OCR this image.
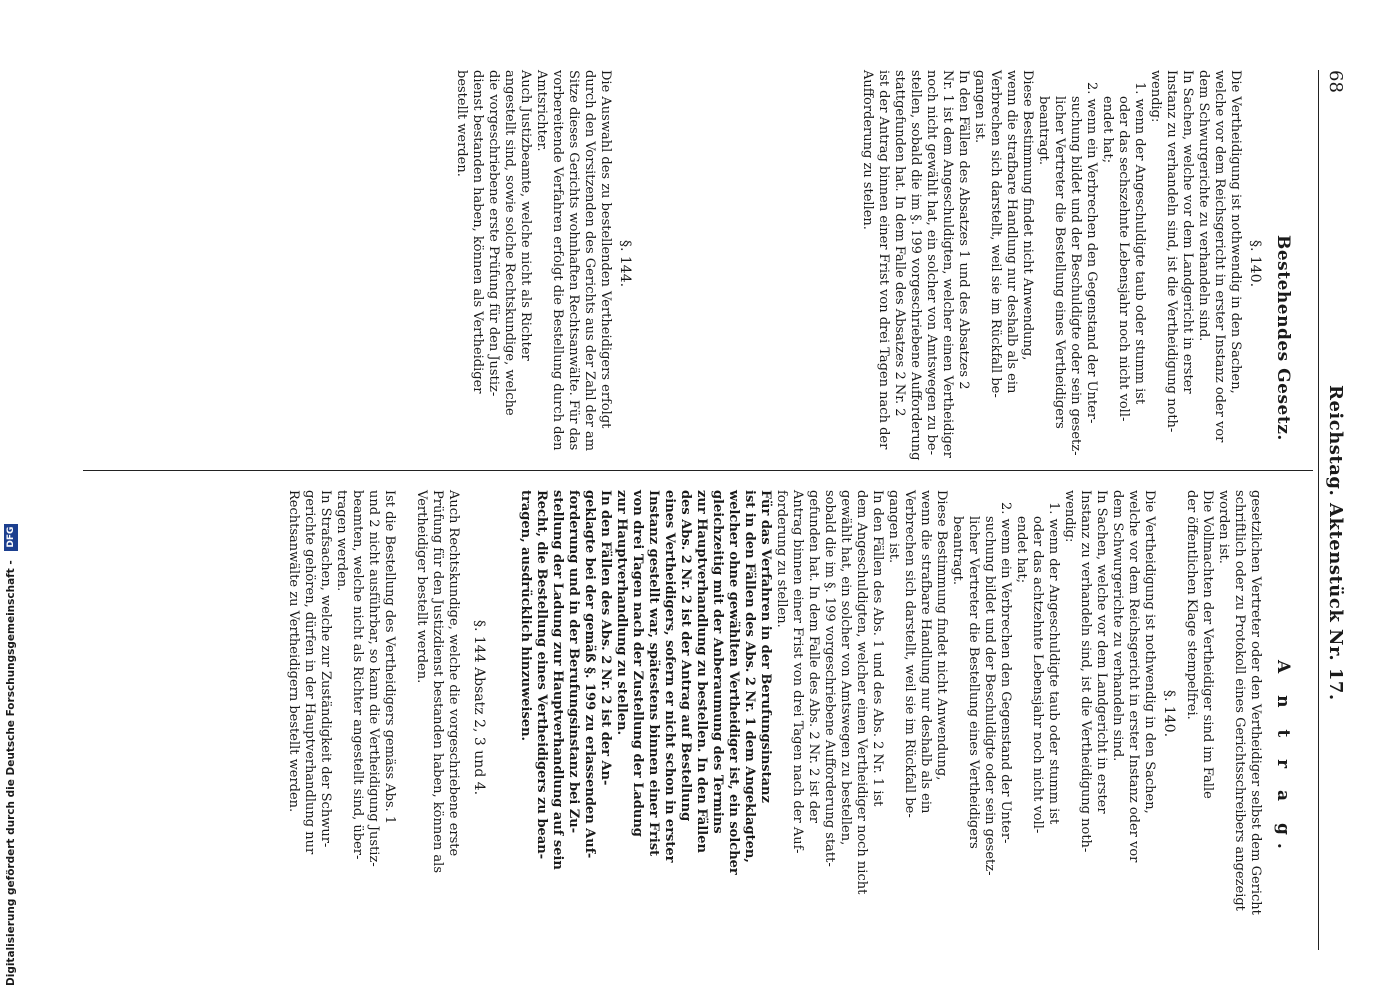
68
Bestehendes Gesetz.
Reichstag. Aktenstück Nr. 17.
A n t r a g.
§. 140.
Die Vertheidigung ist nothwendig in den Sachen,
welche vor dem Reichsgericht in erster Instanz oder vor
dem Schwurgerichte zu verhandeln sind.
In Sachen, welche vor dem Landgericht in erster
Instanz zu verhandeln sind, ist die Vertheidigung noth-
wendig:
1. wenn der Angeschuldigte taub oder stumm ist
oder das sechszehnte Lebensjahr noch nicht voll-
endet hat;
2. wenn ein Verbrechen den Gegenstand der Unter-
suchung bildet und der Beschuldigte oder sein gesetz-
licher Vertreter die Bestellung eines Vertheidigers
beantragt.
Diese Bestimmung findet nicht Anwendung,
wenn die strafbare Handlung nur deshalb als ein
Verbrechen sich darstellt, weil sie im Rückfall be-
gangen ist.
In den Fällen des Absatzes 1 und des Absatzes 2
Nr. 1 ist dem Angeschuldigten, welcher einen Vertheidiger
noch nicht gewählt hat, ein solcher von Amtswegen zu be-
stellen, sobald die im §. 199 vorgeschriebene Aufforderung
stattgefunden hat. In dem Falle des Absatzes 2 Nr. 2
ist der Antrag binnen einer Frist von drei Tagen nach der
Aufforderung zu stellen.
§. 144.
Die Auswahl des zu bestellenden Vertheidigers erfolgt
durch den Vorsitzenden des Gerichts aus der Zahl der am
Sitze dieses Gerichts wohnhaften Rechtsanwälte. Für das
vorbereitende Verfahren erfolgt die Bestellung durch den
Amtsrichter.
Auch Justizbeamte, welche nicht als Richter
angestellt sind, sowie solche Rechtskundige, welche
die vorgeschriebene erste Prüfung für den Justiz-
dienst bestanden haben, können als Vertheidiger
bestellt werden.
gesetzlichen Vertreter oder den Vertheidiger selbst dem Gericht
schriftlich oder zu Protokoll eines Gerichtsschreibers angezeigt
worden ist.
Die Vollmachten der Vertheidiger sind im Falle
der öffentlichen Klage stempelfrei.
§. 140.
Die Vertheidigung ist nothwendig in den Sachen,
welche vor dem Reichsgericht in erster Instanz oder vor
dem Schwurgerichte zu verhandeln sind.
In Sachen, welche vor dem Landgericht in erster
Instanz zu verhandeln sind, ist die Vertheidigung noth-
wendig:
1. wenn der Angeschuldigte taub oder stumm ist
oder das achtzehnte Lebensjahr noch nicht voll-
endet hat;
2. wenn ein Verbrechen den Gegenstand der Unter-
suchung bildet und der Beschuldigte oder sein gesetz-
licher Vertreter die Bestellung eines Vertheidigers
beantragt.
Diese Bestimmung findet nicht Anwendung,
wenn die strafbare Handlung nur deshalb als ein
Verbrechen sich darstellt, weil sie im Rückfall be-
gangen ist.
In den Fällen des Abs. 1 und des Abs. 2 Nr. 1 ist
dem Angeschuldigten, welcher einen Vertheidiger noch nicht
gewählt hat, ein solcher von Amtswegen zu bestellen,
sobald die im §. 199 vorgeschriebene Aufforderung statt-
gefunden hat. In dem Falle des Abs. 2 Nr. 2 ist der
Antrag binnen einer Frist von drei Tagen nach der Auf-
forderung zu stellen.
Für das Verfahren in der Berufungsinstanz
ist in den Fällen des Abs. 2 Nr. 1 dem Angeklagten,
welcher ohne gewählten Vertheidiger ist, ein solcher
gleichzeitig mit der Anberaumung des Termins
zur Hauptverhandlung zu bestellen. In den Fällen
des Abs. 2 Nr. 2 ist der Antrag auf Bestellung
eines Vertheidigers, sofern er nicht schon in erster
Instanz gestellt war, spätestens binnen einer Frist
von drei Tagen nach der Zustellung der Ladung
zur Hauptverhandlung zu stellen.
In den Fällen des Abs. 2 Nr. 2 ist der An-
geklagte bei der gemäß §. 199 zu erlassenden Auf-
forderung und in der Berufungsinstanz bei Zu-
stellung der Ladung zur Hauptverhandlung auf sein
Recht, die Bestellung eines Vertheidigers zu bean-
tragen, ausdrücklich hinzuweisen.
§. 144 Absatz 2, 3 und 4.
Auch Rechtskundige, welche die vorgeschriebene erste
Prüfung für den Justizdienst bestanden haben, können als
Vertheidiger bestellt werden.
Ist die Bestellung des Vertheidigers gemäss Abs. 1
und 2 nicht ausführbar, so kann die Vertheidigung Justiz-
beamten, welche nicht als Richter angestellt sind, über-
tragen werden.
In Strafsachen, welche zur Zuständigkeit der Schwur-
gerichte gehören, dürfen in der Hauptverhandlung nur
Rechtsanwälte zu Vertheidigern bestellt werden.
Digitalisierung gefördert durch die Deutsche Forschungsgemeinschaft - DFG
